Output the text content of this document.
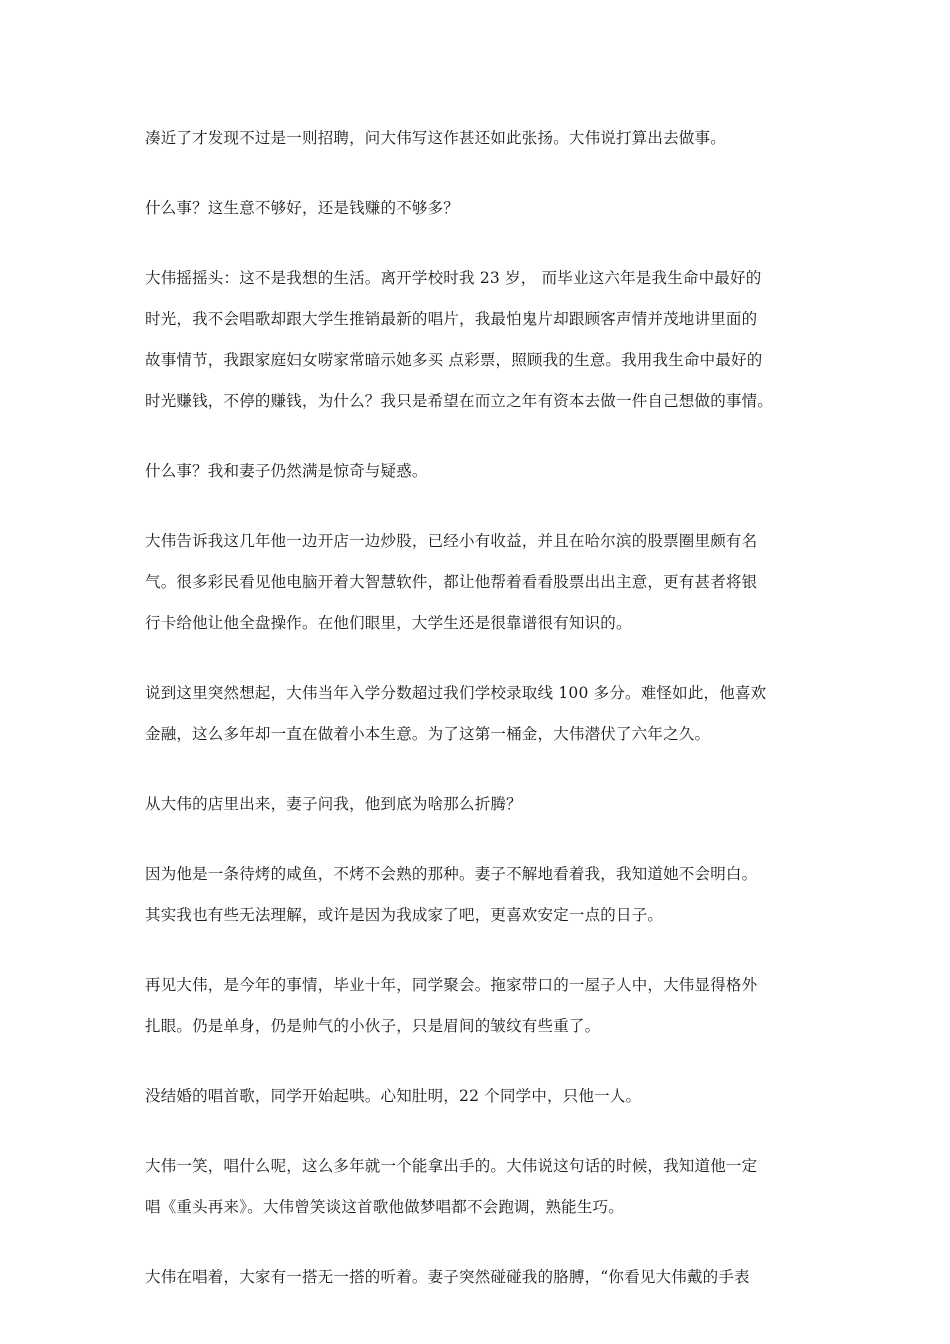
凑近了才发现不过是一则招聘，问大伟写这作甚还如此张扬。大伟说打算出去做事。

什么事？这生意不够好，还是钱赚的不够多？

大伟摇摇头：这不是我想的生活。离开学校时我 23 岁， 而毕业这六年是我生命中最好的
时光，我不会唱歌却跟大学生推销最新的唱片，我最怕鬼片却跟顾客声情并茂地讲里面的
故事情节，我跟家庭妇女唠家常暗示她多买 点彩票，照顾我的生意。我用我生命中最好的
时光赚钱，不停的赚钱，为什么？我只是希望在而立之年有资本去做一件自己想做的事情。

什么事？我和妻子仍然满是惊奇与疑惑。

大伟告诉我这几年他一边开店一边炒股，已经小有收益，并且在哈尔滨的股票圈里颇有名
气。很多彩民看见他电脑开着大智慧软件，都让他帮着看看股票出出主意，更有甚者将银
行卡给他让他全盘操作。在他们眼里，大学生还是很靠谱很有知识的。

说到这里突然想起，大伟当年入学分数超过我们学校录取线 100 多分。难怪如此，他喜欢
金融，这么多年却一直在做着小本生意。为了这第一桶金，大伟潜伏了六年之久。

从大伟的店里出来，妻子问我，他到底为啥那么折腾？

因为他是一条待烤的咸鱼，不烤不会熟的那种。妻子不解地看着我，我知道她不会明白。
其实我也有些无法理解，或许是因为我成家了吧，更喜欢安定一点的日子。

再见大伟，是今年的事情，毕业十年，同学聚会。拖家带口的一屋子人中，大伟显得格外
扎眼。仍是单身，仍是帅气的小伙子，只是眉间的皱纹有些重了。

没结婚的唱首歌，同学开始起哄。心知肚明，22 个同学中，只他一人。

大伟一笑，唱什么呢，这么多年就一个能拿出手的。大伟说这句话的时候，我知道他一定
唱《重头再来》。大伟曾笑谈这首歌他做梦唱都不会跑调，熟能生巧。

大伟在唱着，大家有一搭无一搭的听着。妻子突然碰碰我的胳膊，“你看见大伟戴的手表
